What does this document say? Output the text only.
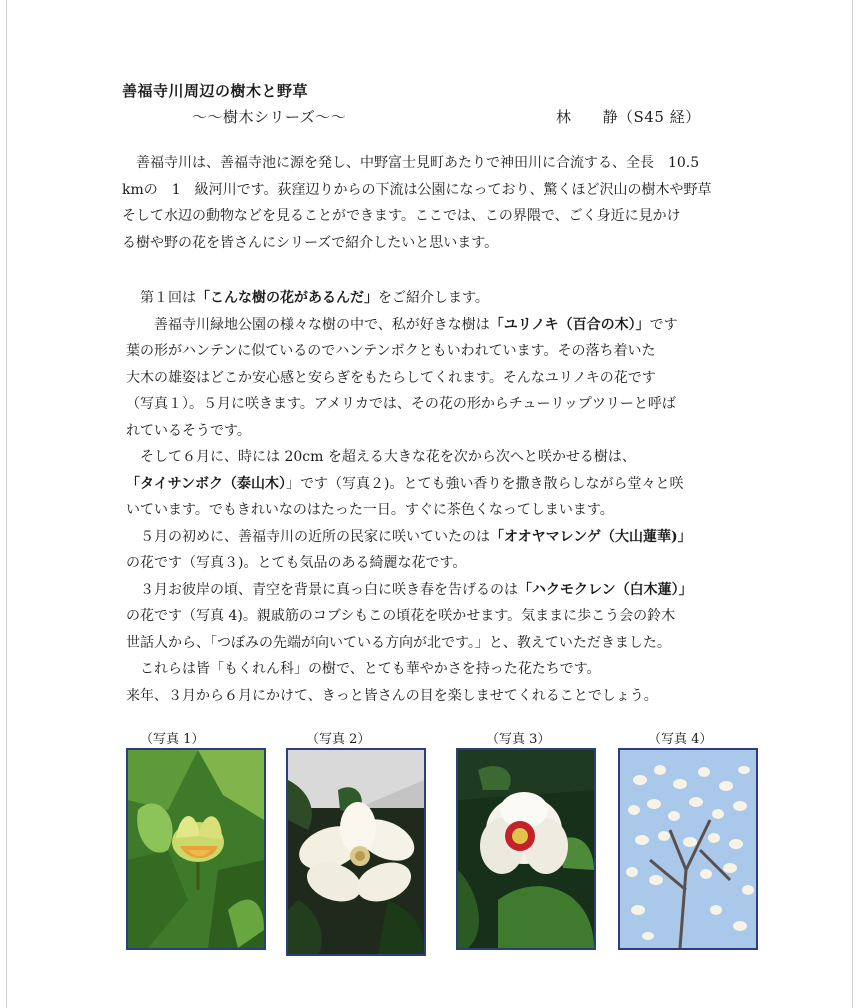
善福寺川周辺の樹木と野草
〜〜樹木シリーズ〜〜	林　　静（S45 経）

善福寺川は、善福寺池に源を発し、中野富士見町あたりで神田川に合流する、全長　10.5

kmの　1　級河川です。荻窪辺りからの下流は公園になっており、驚くほど沢山の樹木や野草

そして水辺の動物などを見ることができます。ここでは、この界隈で、ごく身近に見かけ

る樹や野の花を皆さんにシリーズで紹介したいと思います。

第１回は「こんな樹の花があるんだ」をご紹介します。

善福寺川緑地公園の様々な樹の中で、私が好きな樹は「ユリノキ（百合の木）」です

葉の形がハンテンに似ているのでハンテンボクともいわれています。その落ち着いた

大木の雄姿はどこか安心感と安らぎをもたらしてくれます。そんなユリノキの花です

（写真１）。５月に咲きます。アメリカでは、その花の形からチューリップツリーと呼ば

れているそうです。

そして６月に、時には 20cm を超える大きな花を次から次へと咲かせる樹は、

「タイサンボク（泰山木）」です（写真２)。とても強い香りを撒き散らしながら堂々と咲

いています。でもきれいなのはたった一日。すぐに茶色くなってしまいます。

５月の初めに、善福寺川の近所の民家に咲いていたのは「オオヤマレンゲ（大山蓮華)」

の花です（写真３)。とても気品のある綺麗な花です。

３月お彼岸の頃、青空を背景に真っ白に咲き春を告げるのは「ハクモクレン（白木蓮）」

の花です（写真 4)。親戚筋のコブシもこの頃花を咲かせます。気ままに歩こう会の鈴木

世話人から、「つぼみの先端が向いている方向が北です。」と、教えていただきました。

これらは皆「もくれん科」の樹で、とても華やかさを持った花たちです。

来年、３月から６月にかけて、きっと皆さんの目を楽しませてくれることでしょう。

（写真 1）	（写真 2）	（写真 3）	（写真 4）
